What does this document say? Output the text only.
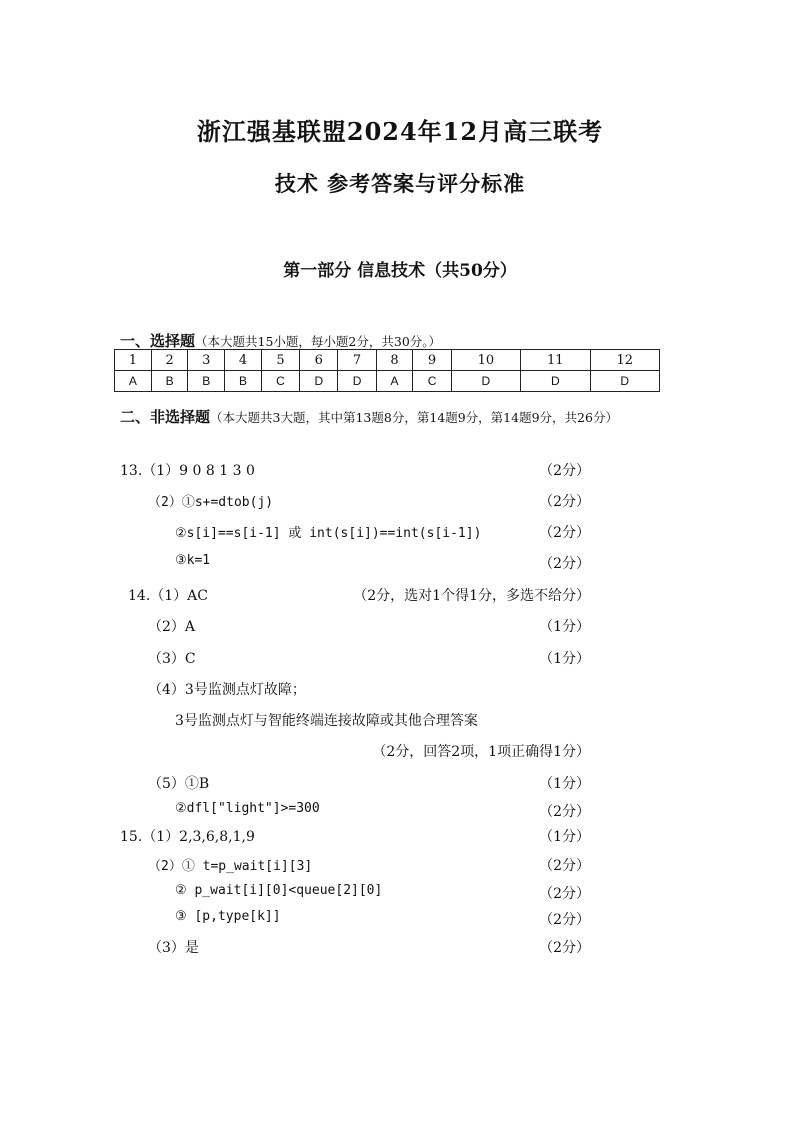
浙江强基联盟2024年12月高三联考
技术 参考答案与评分标准
第一部分 信息技术（共50分）
一、选择题（本大题共15小题，每小题2分，共30分。）
1	2	3	4	5	6	7	8	9	10	11	12
A	B	B	B	C	D	D	A	C	D	D	D
二、非选择题（本大题共3大题，其中第13题8分，第14题9分，第14题9分，共26分）
13.（1）9 0 8 1 3 0	（2分）
（2）①s+=dtob(j)	（2分）
②s[i]==s[i-1] 或 int(s[i])==int(s[i-1])	（2分）
③k=1	（2分）
14.（1）AC	（2分，选对1个得1分，多选不给分）
（2）A	（1分）
（3）C	（1分）
（4）3号监测点灯故障；
3号监测点灯与智能终端连接故障或其他合理答案
（2分，回答2项，1项正确得1分）
（5）①B	（1分）
②dfl["light"]>=300	（2分）
15.（1）2,3,6,8,1,9	（1分）
（2）① t=p_wait[i][3]	（2分）
② p_wait[i][0]<queue[2][0]	（2分）
③ [p,type[k]]	（2分）
（3）是	（2分）
